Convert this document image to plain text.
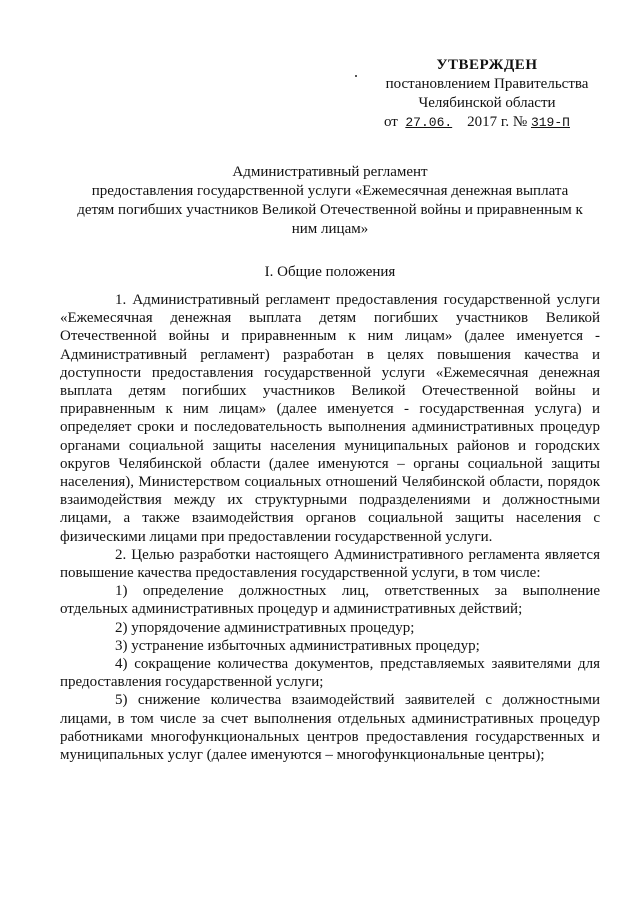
УТВЕРЖДЕН
постановлением Правительства
Челябинской области
от 27.06. 2017 г. № 319-П
Административный регламент
предоставления государственной услуги «Ежемесячная денежная выплата
детям погибших участников Великой Отечественной войны и приравненным к
ним лицам»
I. Общие положения

1. Административный регламент предоставления государственной услуги «Ежемесячная денежная выплата детям погибших участников Великой Отечественной войны и приравненным к ним лицам» (далее именуется - Административный регламент) разработан в целях повышения качества и доступности предоставления государственной услуги «Ежемесячная денежная выплата детям погибших участников Великой Отечественной войны и приравненным к ним лицам» (далее именуется - государственная услуга) и определяет сроки и последовательность выполнения административных процедур органами социальной защиты населения муниципальных районов и городских округов Челябинской области (далее именуются – органы социальной защиты населения), Министерством социальных отношений Челябинской области, порядок взаимодействия между их структурными подразделениями и должностными лицами, а также взаимодействия органов социальной защиты населения с физическими лицами при предоставлении государственной услуги.

2. Целью разработки настоящего Административного регламента является повышение качества предоставления государственной услуги, в том числе:

1) определение должностных лиц, ответственных за выполнение отдельных административных процедур и административных действий;

2) упорядочение административных процедур;

3) устранение избыточных административных процедур;

4) сокращение количества документов, представляемых заявителями для предоставления государственной услуги;

5) снижение количества взаимодействий заявителей с должностными лицами, в том числе за счет выполнения отдельных административных процедур работниками многофункциональных центров предоставления государственных и муниципальных услуг (далее именуются – многофункциональные центры);
